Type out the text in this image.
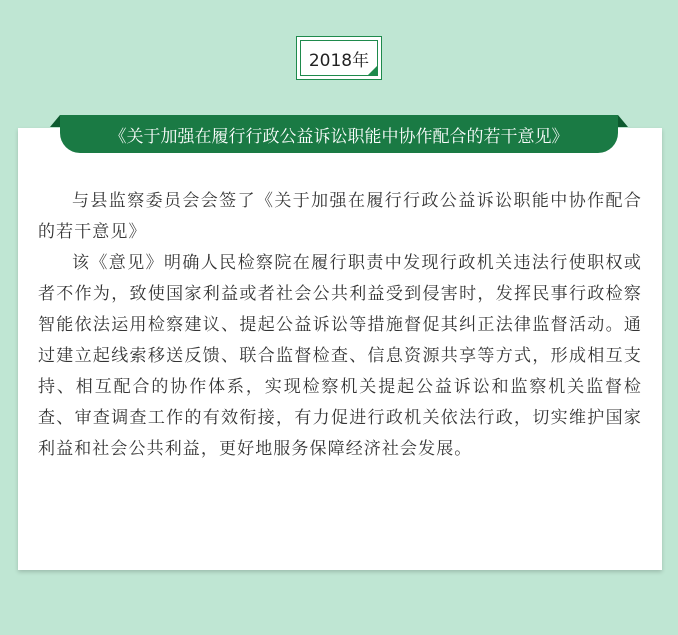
2018年
《关于加强在履行行政公益诉讼职能中协作配合的若干意见》

与县监察委员会会签了《关于加强在履行行政公益诉讼职能中协作配合的若干意见》

该《意见》明确人民检察院在履行职责中发现行政机关违法行使职权或者不作为，致使国家利益或者社会公共利益受到侵害时，发挥民事行政检察智能依法运用检察建议、提起公益诉讼等措施督促其纠正法律监督活动。通过建立起线索移送反馈、联合监督检查、信息资源共享等方式，形成相互支持、相互配合的协作体系，实现检察机关提起公益诉讼和监察机关监督检查、审查调查工作的有效衔接，有力促进行政机关依法行政，切实维护国家利益和社会公共利益，更好地服务保障经济社会发展。
